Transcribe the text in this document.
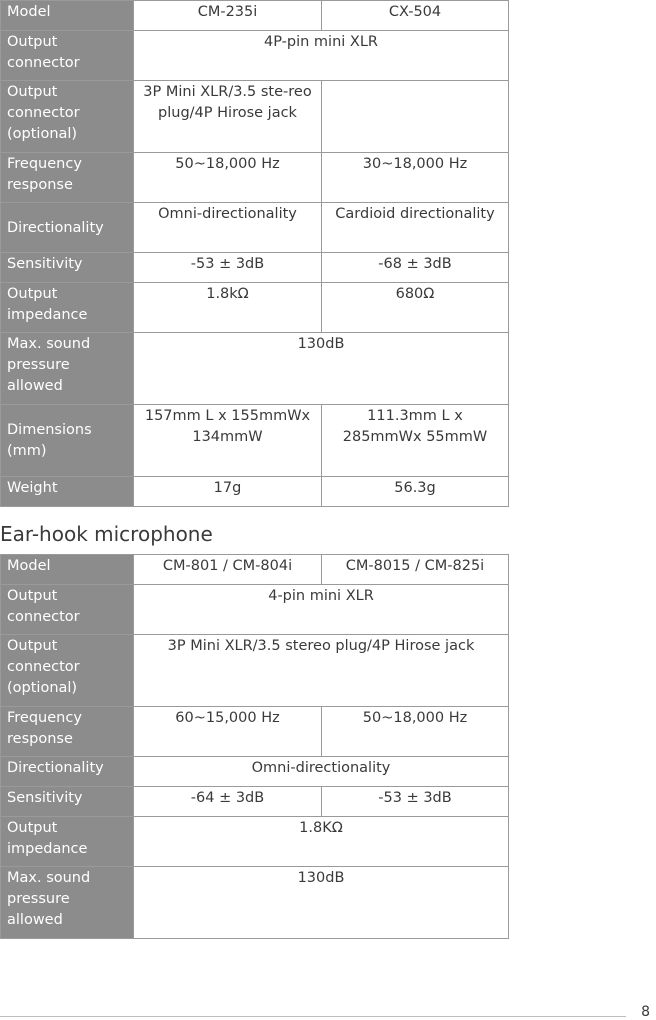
Model	CM-235i	CX-504
Output connector	4P-pin mini XLR	
Output connector (optional)	3P Mini XLR/3.5 ste-reo plug/4P Hirose jack	
Frequency response	50~18,000 Hz	30~18,000 Hz
Directionality	Omni-directionality	Cardioid directionality
Sensitivity	-53 ± 3dB	-68 ± 3dB
Output impedance	1.8kΩ	680Ω
Max. sound pressure allowed	130dB	
Dimensions (mm)	157mm L x 155mmWx 134mmW	111.3mm L x 285mmWx 55mmW
Weight	17g	56.3g
Ear-hook microphone
Model	CM-801 / CM-804i	CM-8015 / CM-825i
Output connector	4-pin mini XLR	
Output connector (optional)	3P Mini XLR/3.5 stereo plug/4P Hirose jack	
Frequency response	60~15,000 Hz	50~18,000 Hz
Directionality	Omni-directionality	
Sensitivity	-64 ± 3dB	-53 ± 3dB
Output impedance	1.8KΩ	
Max. sound pressure allowed	130dB	
8
